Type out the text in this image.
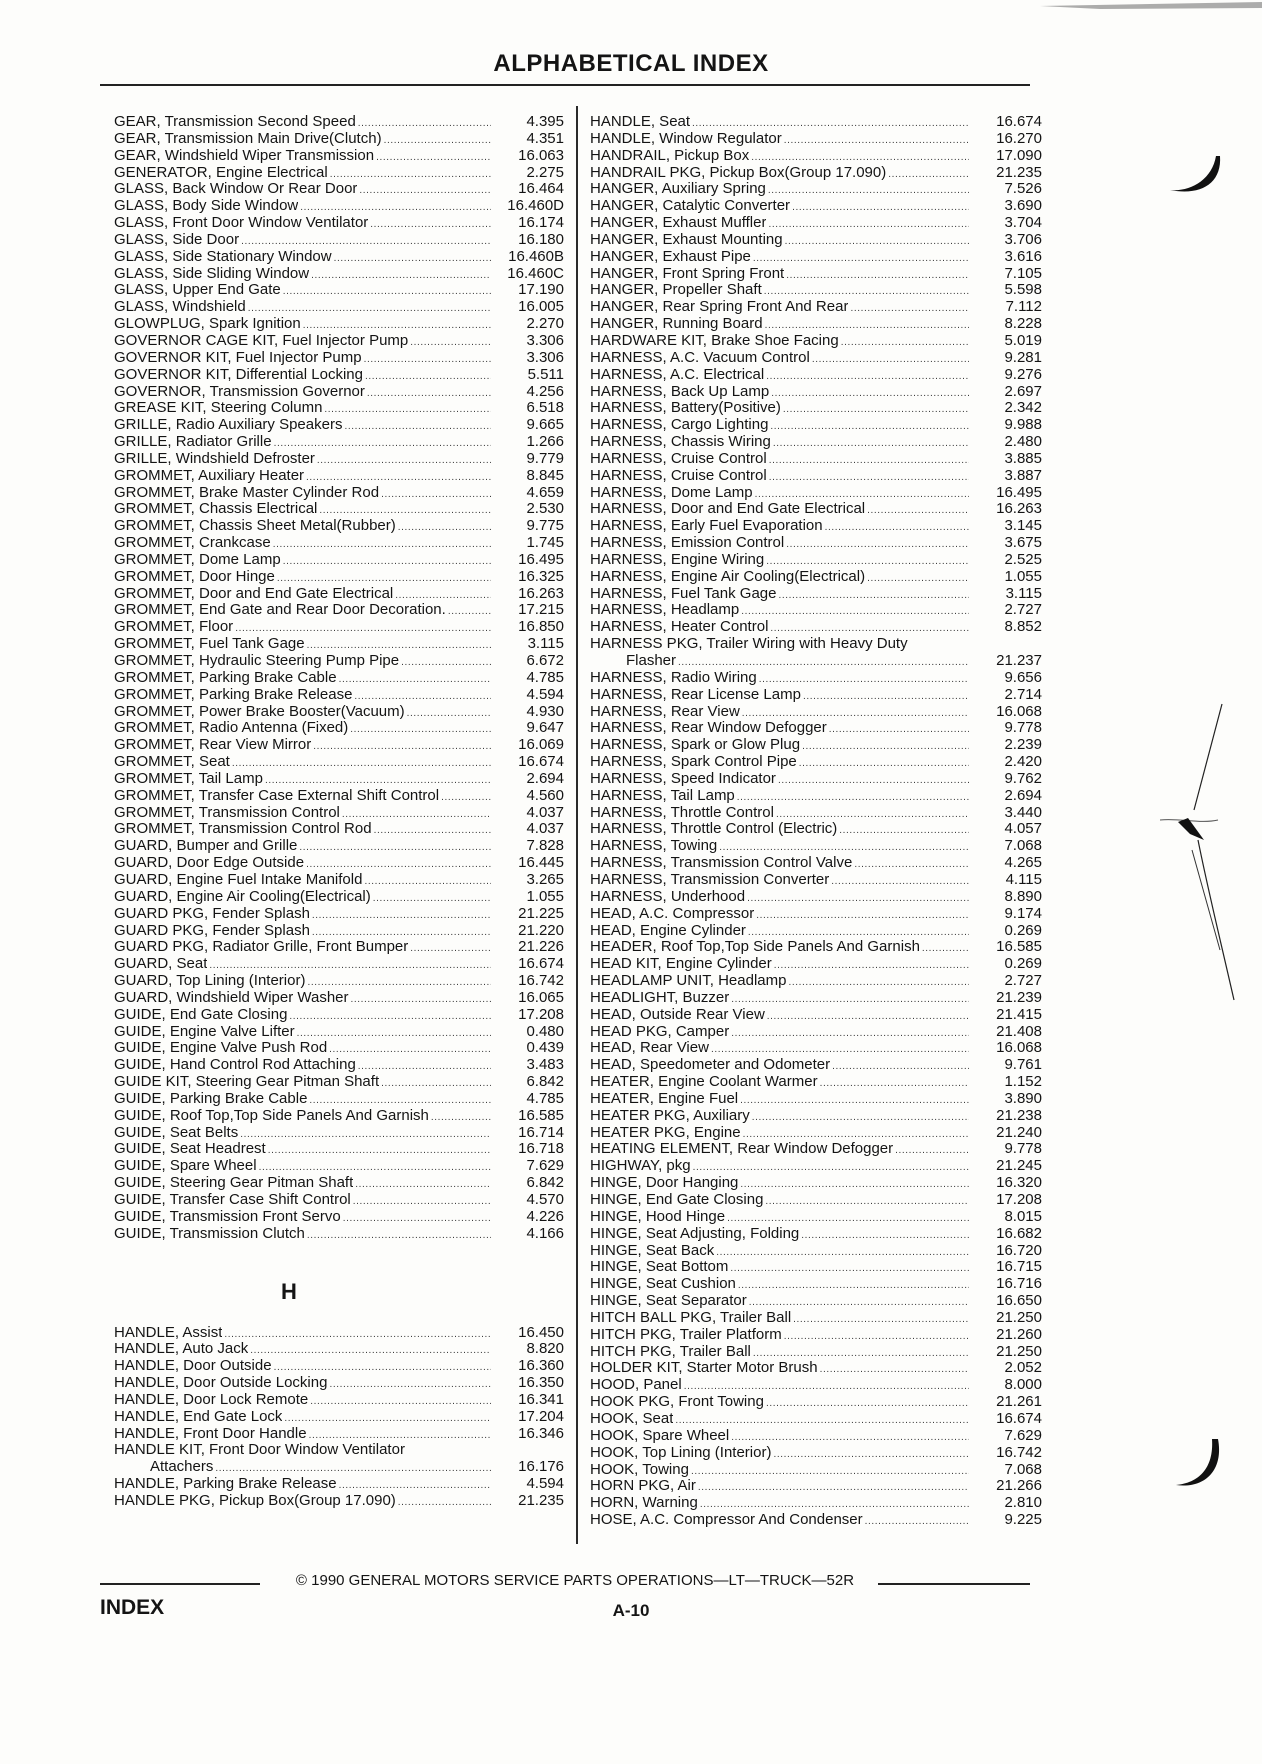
ALPHABETICAL INDEX
GEAR, Transmission Second Speed .....	4.395
GEAR, Transmission Main Drive(Clutch) .....	4.351
GEAR, Windshield Wiper Transmission .....	16.063
GENERATOR, Engine Electrical .....	2.275
GLASS, Back Window Or Rear Door .....	16.464
GLASS, Body Side Window .....	16.460D
GLASS, Front Door Window Ventilator .....	16.174
GLASS, Side Door .....	16.180
GLASS, Side Stationary Window .....	16.460B
GLASS, Side Sliding Window .....	16.460C
GLASS, Upper End Gate .....	17.190
GLASS, Windshield .....	16.005
GLOWPLUG, Spark Ignition .....	2.270
GOVERNOR CAGE KIT, Fuel Injector Pump .....	3.306
GOVERNOR KIT, Fuel Injector Pump .....	3.306
GOVERNOR KIT, Differential Locking .....	5.511
GOVERNOR, Transmission Governor .....	4.256
GREASE KIT, Steering Column .....	6.518
GRILLE, Radio Auxiliary Speakers .....	9.665
GRILLE, Radiator Grille .....	1.266
GRILLE, Windshield Defroster .....	9.779
GROMMET, Auxiliary Heater .....	8.845
GROMMET, Brake Master Cylinder Rod .....	4.659
GROMMET, Chassis Electrical .....	2.530
GROMMET, Chassis Sheet Metal(Rubber) .....	9.775
GROMMET, Crankcase .....	1.745
GROMMET, Dome Lamp .....	16.495
GROMMET, Door Hinge .....	16.325
GROMMET, Door and End Gate Electrical .....	16.263
GROMMET, End Gate and Rear Door Decoration. .....	17.215
GROMMET, Floor .....	16.850
GROMMET, Fuel Tank Gage .....	3.115
GROMMET, Hydraulic Steering Pump Pipe .....	6.672
GROMMET, Parking Brake Cable .....	4.785
GROMMET, Parking Brake Release .....	4.594
GROMMET, Power Brake Booster(Vacuum) .....	4.930
GROMMET, Radio Antenna (Fixed) .....	9.647
GROMMET, Rear View Mirror .....	16.069
GROMMET, Seat .....	16.674
GROMMET, Tail Lamp .....	2.694
GROMMET, Transfer Case External Shift Control .....	4.560
GROMMET, Transmission Control .....	4.037
GROMMET, Transmission Control Rod .....	4.037
GUARD, Bumper and Grille .....	7.828
GUARD, Door Edge Outside .....	16.445
GUARD, Engine Fuel Intake Manifold .....	3.265
GUARD, Engine Air Cooling(Electrical) .....	1.055
GUARD PKG, Fender Splash .....	21.225
GUARD PKG, Fender Splash .....	21.220
GUARD PKG, Radiator Grille, Front Bumper .....	21.226
GUARD, Seat .....	16.674
GUARD, Top Lining (Interior) .....	16.742
GUARD, Windshield Wiper Washer .....	16.065
GUIDE, End Gate Closing .....	17.208
GUIDE, Engine Valve Lifter .....	0.480
GUIDE, Engine Valve Push Rod .....	0.439
GUIDE, Hand Control Rod Attaching .....	3.483
GUIDE KIT, Steering Gear Pitman Shaft .....	6.842
GUIDE, Parking Brake Cable .....	4.785
GUIDE, Roof Top,Top Side Panels And Garnish .....	16.585
GUIDE, Seat Belts .....	16.714
GUIDE, Seat Headrest .....	16.718
GUIDE, Spare Wheel .....	7.629
GUIDE, Steering Gear Pitman Shaft .....	6.842
GUIDE, Transfer Case Shift Control .....	4.570
GUIDE, Transmission Front Servo .....	4.226
GUIDE, Transmission Clutch .....	4.166
H
HANDLE, Assist .....	16.450
HANDLE, Auto Jack .....	8.820
HANDLE, Door Outside .....	16.360
HANDLE, Door Outside Locking .....	16.350
HANDLE, Door Lock Remote .....	16.341
HANDLE, End Gate Lock .....	17.204
HANDLE, Front Door Handle .....	16.346
HANDLE KIT, Front Door Window Ventilator
Attachers .....	16.176
HANDLE, Parking Brake Release .....	4.594
HANDLE PKG, Pickup Box(Group 17.090) .....	21.235
HANDLE, Seat .....	16.674
HANDLE, Window Regulator .....	16.270
HANDRAIL, Pickup Box .....	17.090
HANDRAIL PKG, Pickup Box(Group 17.090) .....	21.235
HANGER, Auxiliary Spring .....	7.526
HANGER, Catalytic Converter .....	3.690
HANGER, Exhaust Muffler .....	3.704
HANGER, Exhaust Mounting .....	3.706
HANGER, Exhaust Pipe .....	3.616
HANGER, Front Spring Front .....	7.105
HANGER, Propeller Shaft .....	5.598
HANGER, Rear Spring Front And Rear .....	7.112
HANGER, Running Board .....	8.228
HARDWARE KIT, Brake Shoe Facing .....	5.019
HARNESS, A.C. Vacuum Control .....	9.281
HARNESS, A.C. Electrical .....	9.276
HARNESS, Back Up Lamp .....	2.697
HARNESS, Battery(Positive) .....	2.342
HARNESS, Cargo Lighting .....	9.988
HARNESS, Chassis Wiring .....	2.480
HARNESS, Cruise Control .....	3.885
HARNESS, Cruise Control .....	3.887
HARNESS, Dome Lamp .....	16.495
HARNESS, Door and End Gate Electrical .....	16.263
HARNESS, Early Fuel Evaporation .....	3.145
HARNESS, Emission Control .....	3.675
HARNESS, Engine Wiring .....	2.525
HARNESS, Engine Air Cooling(Electrical) .....	1.055
HARNESS, Fuel Tank Gage .....	3.115
HARNESS, Headlamp .....	2.727
HARNESS, Heater Control .....	8.852
HARNESS PKG, Trailer Wiring with Heavy Duty
Flasher .....	21.237
HARNESS, Radio Wiring .....	9.656
HARNESS, Rear License Lamp .....	2.714
HARNESS, Rear View .....	16.068
HARNESS, Rear Window Defogger .....	9.778
HARNESS, Spark or Glow Plug .....	2.239
HARNESS, Spark Control Pipe .....	2.420
HARNESS, Speed Indicator .....	9.762
HARNESS, Tail Lamp .....	2.694
HARNESS, Throttle Control .....	3.440
HARNESS, Throttle Control (Electric) .....	4.057
HARNESS, Towing .....	7.068
HARNESS, Transmission Control Valve .....	4.265
HARNESS, Transmission Converter .....	4.115
HARNESS, Underhood .....	8.890
HEAD, A.C. Compressor .....	9.174
HEAD, Engine Cylinder .....	0.269
HEADER, Roof Top,Top Side Panels And Garnish .....	16.585
HEAD KIT, Engine Cylinder .....	0.269
HEADLAMP UNIT, Headlamp .....	2.727
HEADLIGHT, Buzzer .....	21.239
HEAD, Outside Rear View .....	21.415
HEAD PKG, Camper .....	21.408
HEAD, Rear View .....	16.068
HEAD, Speedometer and Odometer .....	9.761
HEATER, Engine Coolant Warmer .....	1.152
HEATER, Engine Fuel .....	3.890
HEATER PKG, Auxiliary .....	21.238
HEATER PKG, Engine .....	21.240
HEATING ELEMENT, Rear Window Defogger .....	9.778
HIGHWAY, pkg .....	21.245
HINGE, Door Hanging .....	16.320
HINGE, End Gate Closing .....	17.208
HINGE, Hood Hinge .....	8.015
HINGE, Seat Adjusting, Folding .....	16.682
HINGE, Seat Back .....	16.720
HINGE, Seat Bottom .....	16.715
HINGE, Seat Cushion .....	16.716
HINGE, Seat Separator .....	16.650
HITCH BALL PKG, Trailer Ball .....	21.250
HITCH PKG, Trailer Platform .....	21.260
HITCH PKG, Trailer Ball .....	21.250
HOLDER KIT, Starter Motor Brush .....	2.052
HOOD, Panel .....	8.000
HOOK PKG, Front Towing .....	21.261
HOOK, Seat .....	16.674
HOOK, Spare Wheel .....	7.629
HOOK, Top Lining (Interior) .....	16.742
HOOK, Towing .....	7.068
HORN PKG, Air .....	21.266
HORN, Warning .....	2.810
HOSE, A.C. Compressor And Condenser .....	9.225
© 1990 GENERAL MOTORS SERVICE PARTS OPERATIONS—LT—TRUCK—52R
INDEX	A-10
